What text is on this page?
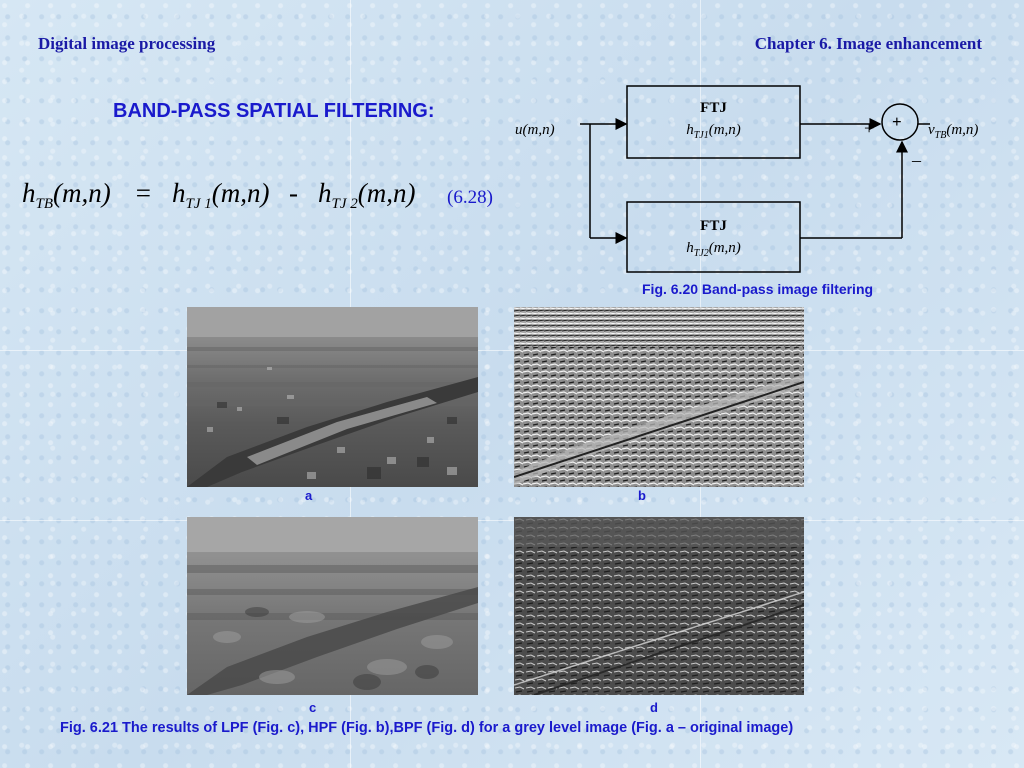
Digital image processing	Chapter 6. Image enhancement
BAND-PASS SPATIAL FILTERING:
$h_{TB}(m,n) = h_{TJ 1}(m,n) - h_{TJ 2}(m,n)$ (6.28)
u(m,n)
FTJ
$h_{TJ1}(m,n)$
FTJ
$h_{TJ2}(m,n)$
+
+
–
$v_{TB}(m,n)$
Fig. 6.20 Band-pass image filtering
a	b
c	d
Fig. 6.21 The results of LPF (Fig. c), HPF (Fig. b),BPF (Fig. d) for a grey level image (Fig. a – original image)
